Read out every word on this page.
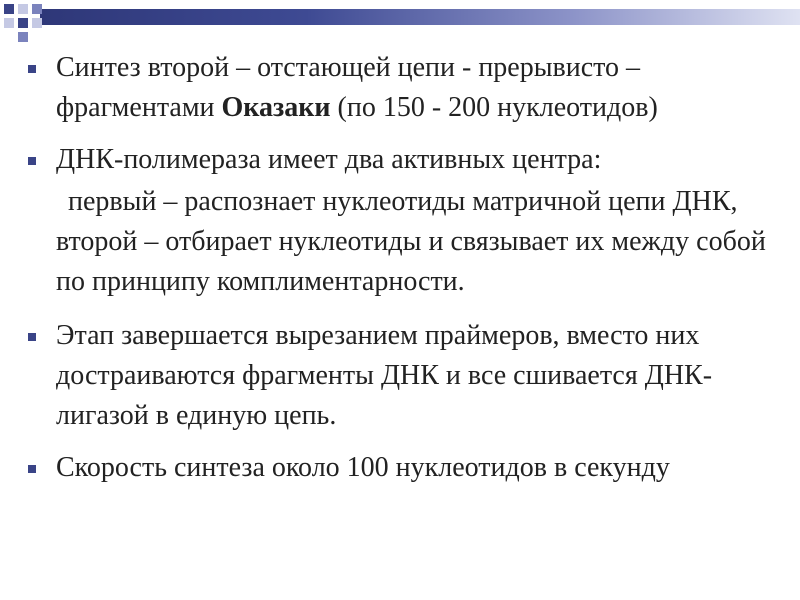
Синтез второй – отстающей цепи - прерывисто – фрагментами Оказаки (по 150 - 200 нуклеотидов)
ДНК-полимераза имеет два активных центра:
первый – распознает нуклеотиды матричной цепи ДНК, второй – отбирает нуклеотиды и связывает их между собой по принципу комплиментарности.
Этап завершается вырезанием праймеров, вместо них достраиваются фрагменты ДНК и все сшивается ДНК-лигазой в единую цепь.
Скорость синтеза около 100 нуклеотидов в секунду
